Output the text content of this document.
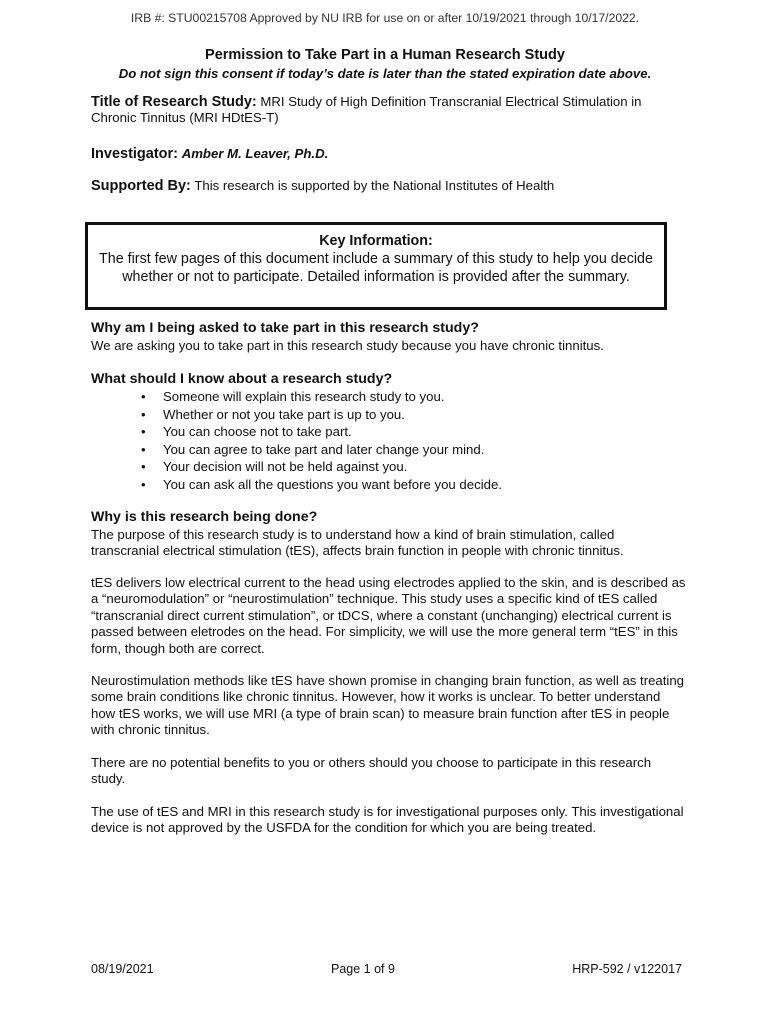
IRB #: STU00215708 Approved by NU IRB for use on or after 10/19/2021 through 10/17/2022.
Permission to Take Part in a Human Research Study
Do not sign this consent if today’s date is later than the stated expiration date above.
Title of Research Study: MRI Study of High Definition Transcranial Electrical Stimulation in Chronic Tinnitus (MRI HDtES-T)
Investigator: Amber M. Leaver, Ph.D.
Supported By: This research is supported by the National Institutes of Health
Key Information:
The first few pages of this document include a summary of this study to help you decide whether or not to participate. Detailed information is provided after the summary.
Why am I being asked to take part in this research study?
We are asking you to take part in this research study because you have chronic tinnitus.
What should I know about a research study?
• Someone will explain this research study to you.
• Whether or not you take part is up to you.
• You can choose not to take part.
• You can agree to take part and later change your mind.
• Your decision will not be held against you.
• You can ask all the questions you want before you decide.
Why is this research being done?
The purpose of this research study is to understand how a kind of brain stimulation, called transcranial electrical stimulation (tES), affects brain function in people with chronic tinnitus.
tES delivers low electrical current to the head using electrodes applied to the skin, and is described as a “neuromodulation” or “neurostimulation” technique. This study uses a specific kind of tES called “transcranial direct current stimulation”, or tDCS, where a constant (unchanging) electrical current is passed between eletrodes on the head. For simplicity, we will use the more general term “tES” in this form, though both are correct.
Neurostimulation methods like tES have shown promise in changing brain function, as well as treating some brain conditions like chronic tinnitus. However, how it works is unclear. To better understand how tES works, we will use MRI (a type of brain scan) to measure brain function after tES in people with chronic tinnitus.
There are no potential benefits to you or others should you choose to participate in this research study.
The use of tES and MRI in this research study is for investigational purposes only. This investigational device is not approved by the USFDA for the condition for which you are being treated.
08/19/2021	Page 1 of 9	HRP-592 / v122017
